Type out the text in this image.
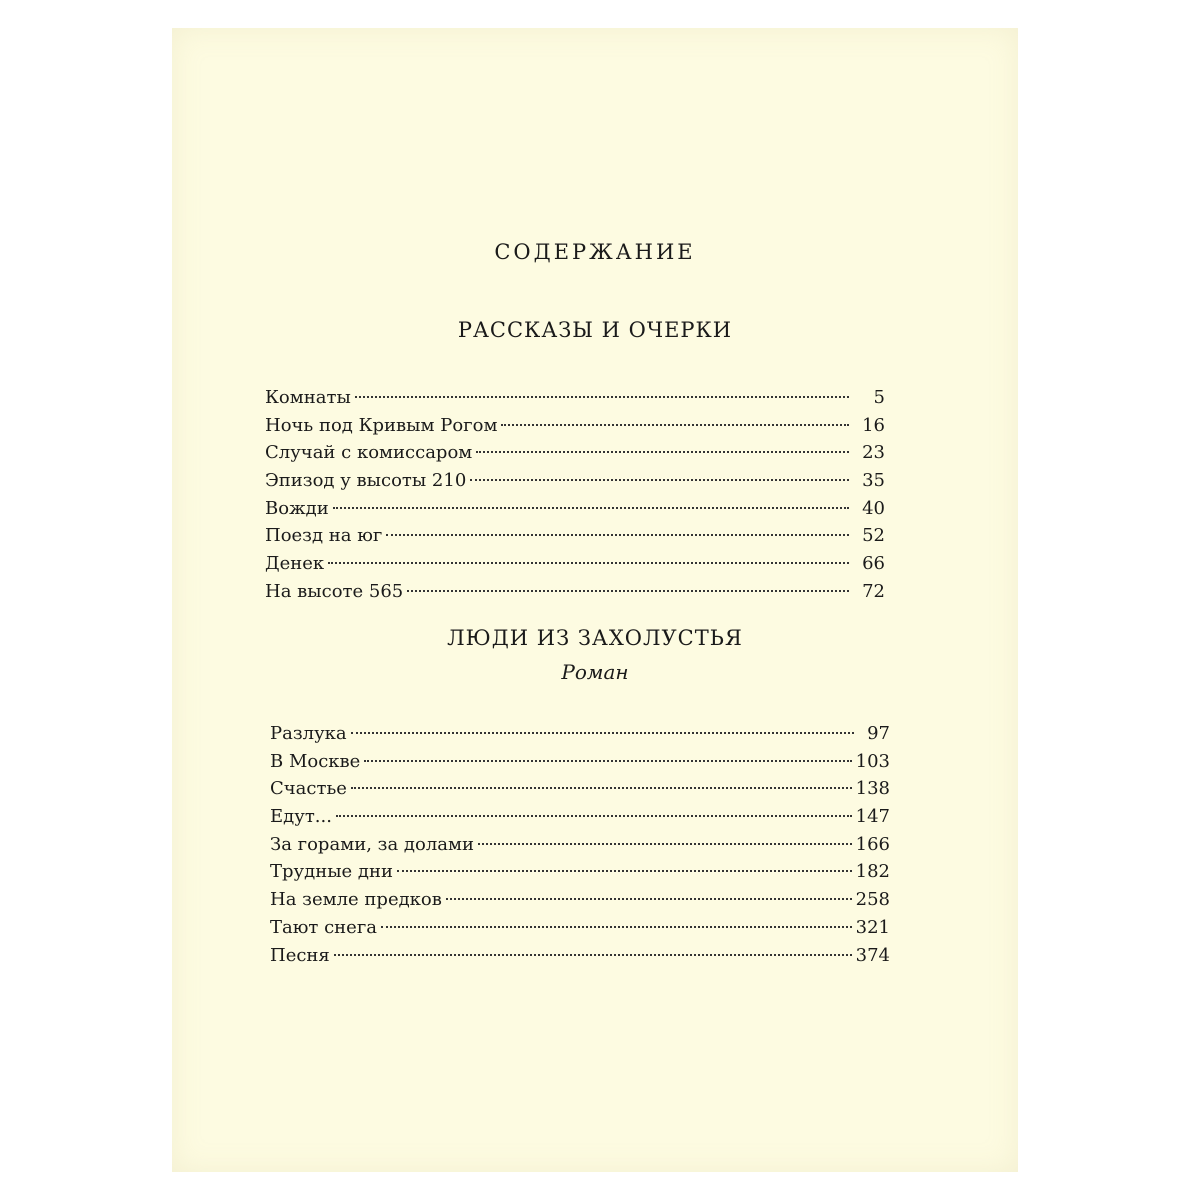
СОДЕРЖАНИЕ
РАССКАЗЫ И ОЧЕРКИ
Комнаты	5
Ночь под Кривым Рогом	16
Случай с комиссаром	23
Эпизод у высоты 210	35
Вожди	40
Поезд на юг	52
Денек	66
На высоте 565	72
ЛЮДИ ИЗ ЗАХОЛУСТЬЯ
Роман
Разлука	97
В Москве	103
Счастье	138
Едут...	147
За горами, за долами	166
Трудные дни	182
На земле предков	258
Тают снега	321
Песня	374
